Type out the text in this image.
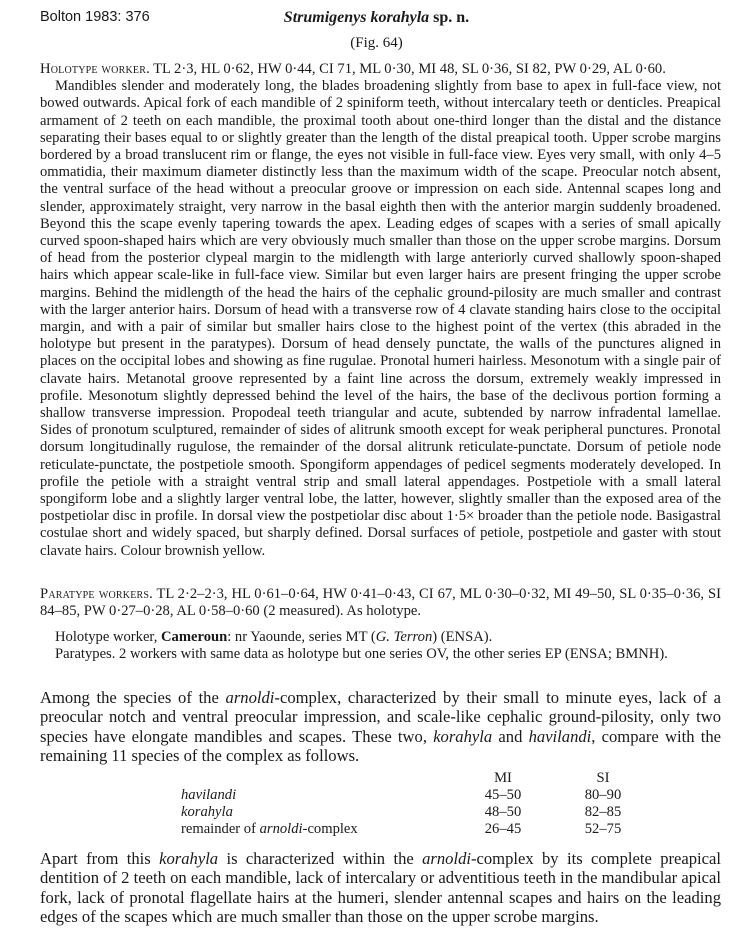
Bolton 1983: 376	Strumigenys korahyla sp. n.
(Fig. 64)

Holotype worker. TL 2·3, HL 0·62, HW 0·44, CI 71, ML 0·30, MI 48, SL 0·36, SI 82, PW 0·29, AL 0·60.

Mandibles slender and moderately long, the blades broadening slightly from base to apex in full-face view, not bowed outwards. Apical fork of each mandible of 2 spiniform teeth, without intercalary teeth or denticles. Preapical armament of 2 teeth on each mandible, the proximal tooth about one-third longer than the distal and the distance separating their bases equal to or slightly greater than the length of the distal preapical tooth. Upper scrobe margins bordered by a broad translucent rim or flange, the eyes not visible in full-face view. Eyes very small, with only 4–5 ommatidia, their maximum diameter distinctly less than the maximum width of the scape. Preocular notch absent, the ventral surface of the head without a preocular groove or impression on each side. Antennal scapes long and slender, approximately straight, very narrow in the basal eighth then with the anterior margin suddenly broadened. Beyond this the scape evenly tapering towards the apex. Leading edges of scapes with a series of small apically curved spoon-shaped hairs which are very obviously much smaller than those on the upper scrobe margins. Dorsum of head from the posterior clypeal margin to the midlength with large anteriorly curved shallowly spoon-shaped hairs which appear scale-like in full-face view. Similar but even larger hairs are present fringing the upper scrobe margins. Behind the midlength of the head the hairs of the cephalic ground-pilosity are much smaller and contrast with the larger anterior hairs. Dorsum of head with a transverse row of 4 clavate standing hairs close to the occipital margin, and with a pair of similar but smaller hairs close to the highest point of the vertex (this abraded in the holotype but present in the paratypes). Dorsum of head densely punctate, the walls of the punctures aligned in places on the occipital lobes and showing as fine rugulae. Pronotal humeri hairless. Mesonotum with a single pair of clavate hairs. Metanotal groove represented by a faint line across the dorsum, extremely weakly impressed in profile. Mesonotum slightly depressed behind the level of the hairs, the base of the declivous portion forming a shallow transverse impression. Propodeal teeth triangular and acute, subtended by narrow infradental lamellae. Sides of pronotum sculptured, remainder of sides of alitrunk smooth except for weak peripheral punctures. Pronotal dorsum longitudinally rugulose, the remainder of the dorsal alitrunk reticulate-punctate. Dorsum of petiole node reticulate-punctate, the postpetiole smooth. Spongiform appendages of pedicel segments moderately developed. In profile the petiole with a straight ventral strip and small lateral appendages. Postpetiole with a small lateral spongiform lobe and a slightly larger ventral lobe, the latter, however, slightly smaller than the exposed area of the postpetiolar disc in profile. In dorsal view the postpetiolar disc about 1·5× broader than the petiole node. Basigastral costulae short and widely spaced, but sharply defined. Dorsal surfaces of petiole, postpetiole and gaster with stout clavate hairs. Colour brownish yellow.

Paratype workers. TL 2·2–2·3, HL 0·61–0·64, HW 0·41–0·43, CI 67, ML 0·30–0·32, MI 49–50, SL 0·35–0·36, SI 84–85, PW 0·27–0·28, AL 0·58–0·60 (2 measured). As holotype.

Holotype worker, Cameroun: nr Yaounde, series MT (G. Terron) (ENSA).

Paratypes. 2 workers with same data as holotype but one series OV, the other series EP (ENSA; BMNH).

Among the species of the arnoldi-complex, characterized by their small to minute eyes, lack of a preocular notch and ventral preocular impression, and scale-like cephalic ground-pilosity, only two species have elongate mandibles and scapes. These two, korahyla and havilandi, compare with the remaining 11 species of the complex as follows.

	MI	SI
havilandi	45–50	80–90
korahyla	48–50	82–85
remainder of arnoldi-complex	26–45	52–75

Apart from this korahyla is characterized within the arnoldi-complex by its complete preapical dentition of 2 teeth on each mandible, lack of intercalary or adventitious teeth in the mandibular apical fork, lack of pronotal flagellate hairs at the humeri, slender antennal scapes and hairs on the leading edges of the scapes which are much smaller than those on the upper scrobe margins.
